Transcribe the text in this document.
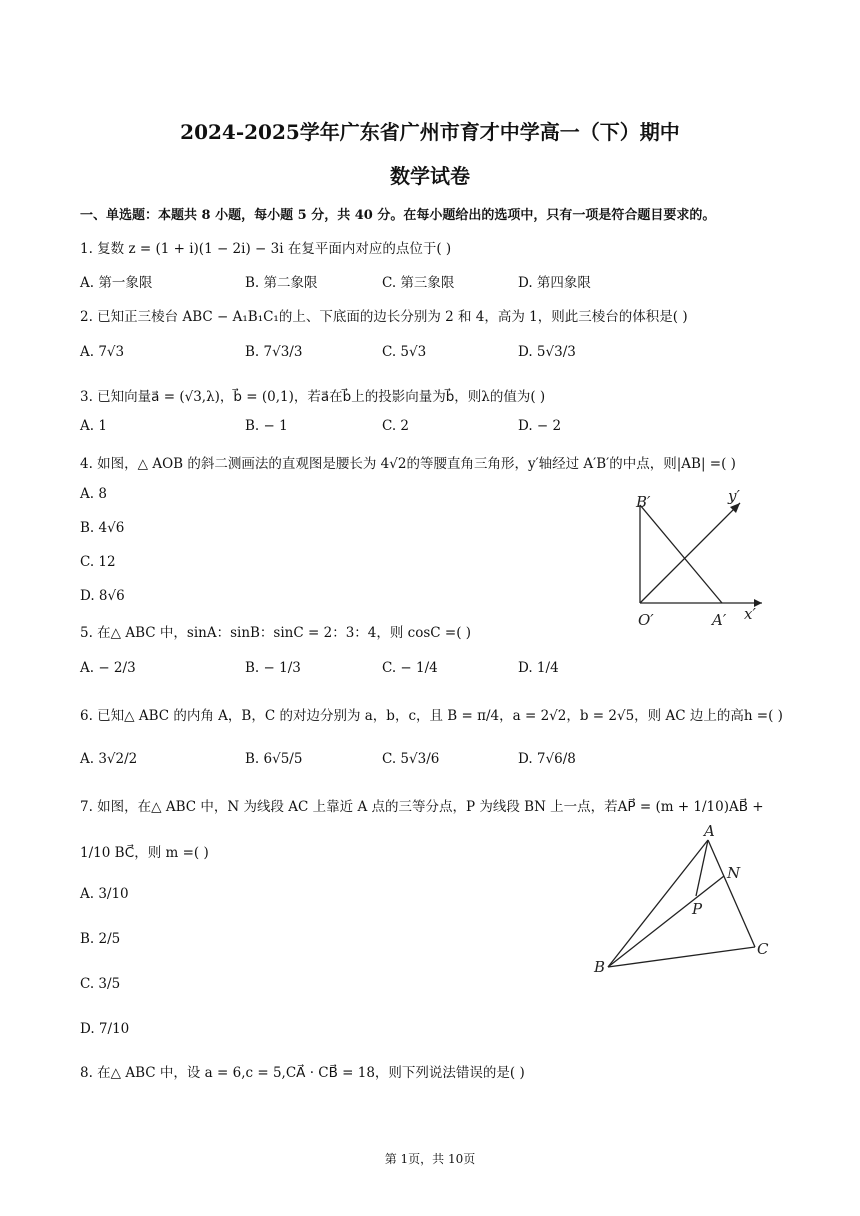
2024-2025学年广东省广州市育才中学高一（下）期中
数学试卷
一、单选题：本题共 8 小题，每小题 5 分，共 40 分。在每小题给出的选项中，只有一项是符合题目要求的。
1. 复数 z = (1 + i)(1 − 2i) − 3i 在复平面内对应的点位于( )
A. 第一象限	B. 第二象限	C. 第三象限	D. 第四象限
2. 已知正三棱台 ABC − A₁B₁C₁的上、下底面的边长分别为 2 和 4，高为 1，则此三棱台的体积是( )
A. 7√3	B. 7√3/3	C. 5√3	D. 5√3/3
3. 已知向量a⃗ = (√3,λ)，b⃗ = (0,1)，若a⃗在b⃗上的投影向量为b⃗，则λ的值为( )
A. 1	B. − 1	C. 2	D. − 2
4. 如图，△ AOB 的斜二测画法的直观图是腰长为 4√2的等腰直角三角形，y′轴经过 A′B′的中点，则|AB| =( )
A. 8
B. 4√6
C. 12
D. 8√6
B′	y′
O′	A′ x′
5. 在△ ABC 中，sinA：sinB：sinC = 2：3：4，则 cosC =( )
A. − 2/3	B. − 1/3	C. − 1/4	D. 1/4
6. 已知△ ABC 的内角 A，B，C 的对边分别为 a，b，c，且 B = π/4，a = 2√2，b = 2√5，则 AC 边上的高h =( )
A. 3√2/2	B. 6√5/5	C. 5√3/6	D. 7√6/8
7. 如图，在△ ABC 中，N 为线段 AC 上靠近 A 点的三等分点，P 为线段 BN 上一点，若AP⃗ = (m + 1/10)AB⃗ +
1/10 BC⃗，则 m =( )
A. 3/10
B. 2/5
C. 3/5
D. 7/10
A
N
P
B
C
8. 在△ ABC 中，设 a = 6,c = 5,CA⃗ · CB⃗ = 18，则下列说法错误的是( )
第 1页，共 10页
